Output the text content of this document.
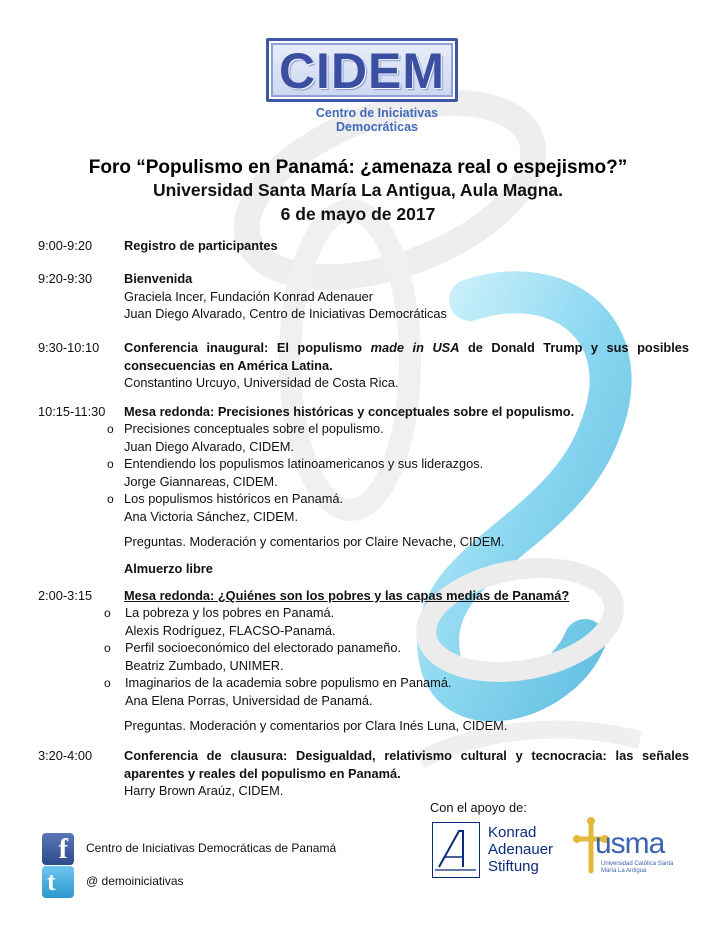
CIDEM
Centro de Iniciativas
Democráticas
Foro “Populismo en Panamá: ¿amenaza real o espejismo?”
Universidad Santa María La Antigua, Aula Magna.
6 de mayo de 2017
9:00-9:20 Registro de participantes
9:20-9:30 Bienvenida
Graciela Incer, Fundación Konrad Adenauer
Juan Diego Alvarado, Centro de Iniciativas Democráticas
9:30-10:10 Conferencia inaugural: El populismo made in USA de Donald Trump y sus posibles consecuencias en América Latina.
Constantino Urcuyo, Universidad de Costa Rica.
10:15-11:30 Mesa redonda: Precisiones históricas y conceptuales sobre el populismo.
o Precisiones conceptuales sobre el populismo.
Juan Diego Alvarado, CIDEM.
o Entendiendo los populismos latinoamericanos y sus liderazgos.
Jorge Giannareas, CIDEM.
o Los populismos históricos en Panamá.
Ana Victoria Sánchez, CIDEM.
Preguntas. Moderación y comentarios por Claire Nevache, CIDEM.
Almuerzo libre
2:00-3:15 Mesa redonda: ¿Quiénes son los pobres y las capas medias de Panamá?
o La pobreza y los pobres en Panamá.
Alexis Rodríguez, FLACSO-Panamá.
o Perfil socioeconómico del electorado panameño.
Beatriz Zumbado, UNIMER.
o Imaginarios de la academia sobre populismo en Panamá.
Ana Elena Porras, Universidad de Panamá.
Preguntas. Moderación y comentarios por Clara Inés Luna, CIDEM.
3:20-4:00 Conferencia de clausura: Desigualdad, relativismo cultural y tecnocracia: las señales aparentes y reales del populismo en Panamá.
Harry Brown Araúz, CIDEM.
Con el apoyo de:
f Centro de Iniciativas Democráticas de Panamá
t	@ demoiniciativas
Konrad
Adenauer
Stiftung
usma
Universidad Católica Santa María La Antigua
